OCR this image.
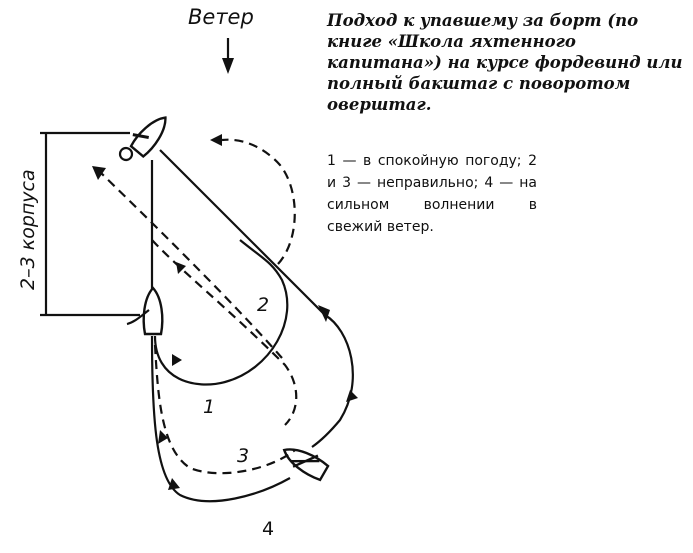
Ветер
2–3 корпуса
1
2
3
4

Подход к упавшему за борт (по книге «Школа яхтенного капитана») на курсе фордевинд или полный бакштаг с поворотом оверштаг.

1 — в спокойную погоду; 2 и 3 — неправильно; 4 — на сильном волнении в свежий ветер.
